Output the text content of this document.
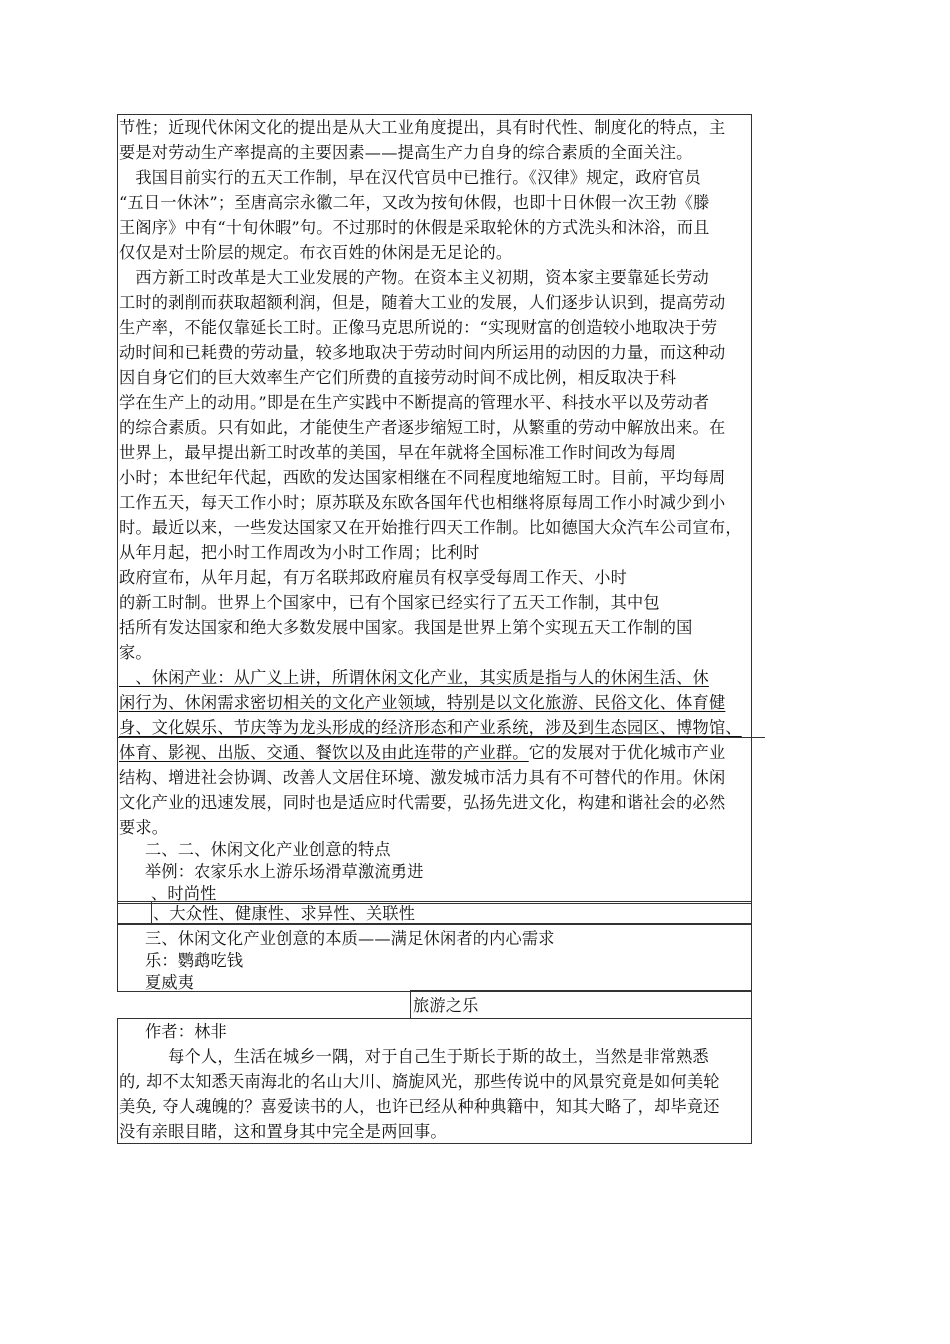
节性；近现代休闲文化的提出是从大工业角度提出，具有时代性、制度化的特点，主
要是对劳动生产率提高的主要因素——提高生产力自身的综合素质的全面关注。
　我国目前实行的五天工作制，早在汉代官员中已推行。《汉律》规定，政府官员
“五日一休沐”；至唐高宗永徽二年，又改为按旬休假，也即十日休假一次王勃《滕
王阁序》中有“十旬休暇”句。不过那时的休假是采取轮休的方式洗头和沐浴，而且
仅仅是对士阶层的规定。布衣百姓的休闲是无足论的。
　西方新工时改革是大工业发展的产物。在资本主义初期，资本家主要靠延长劳动
工时的剥削而获取超额利润，但是，随着大工业的发展，人们逐步认识到，提高劳动
生产率，不能仅靠延长工时。正像马克思所说的：“实现财富的创造较小地取决于劳
动时间和已耗费的劳动量，较多地取决于劳动时间内所运用的动因的力量，而这种动
因自身它们的巨大效率生产它们所费的直接劳动时间不成比例，相反取决于科
学在生产上的动用。”即是在生产实践中不断提高的管理水平、科技水平以及劳动者
的综合素质。只有如此，才能使生产者逐步缩短工时，从繁重的劳动中解放出来。在
世界上，最早提出新工时改革的美国，早在年就将全国标准工作时间改为每周
小时；本世纪年代起，西欧的发达国家相继在不同程度地缩短工时。目前，平均每周
工作五天，每天工作小时；原苏联及东欧各国年代也相继将原每周工作小时减少到小
时。最近以来，一些发达国家又在开始推行四天工作制。比如德国大众汽车公司宣布，
从年月起，把小时工作周改为小时工作周；比利时
政府宣布，从年月起，有万名联邦政府雇员有权享受每周工作天、小时
的新工时制。世界上个国家中，已有个国家已经实行了五天工作制，其中包
括所有发达国家和绝大多数发展中国家。我国是世界上第个实现五天工作制的国
家。
　、休闲产业：从广义上讲，所谓休闲文化产业，其实质是指与人的休闲生活、休
闲行为、休闲需求密切相关的文化产业领域，特别是以文化旅游、民俗文化、体育健
身、文化娱乐、节庆等为龙头形成的经济形态和产业系统，涉及到生态园区、博物馆、
体育、影视、出版、交通、餐饮以及由此连带的产业群。它的发展对于优化城市产业
结构、增进社会协调、改善人文居住环境、激发城市活力具有不可替代的作用。休闲
文化产业的迅速发展，同时也是适应时代需要，弘扬先进文化，构建和谐社会的必然
要求。
二、二、休闲文化产业创意的特点
举例：农家乐水上游乐场滑草激流勇进
、时尚性
、大众性、健康性、求异性、关联性
三、休闲文化产业创意的本质——满足休闲者的内心需求
乐：鹦鹉吃钱
夏威夷
旅游之乐
作者：林非
　　　每个人，生活在城乡一隅，对于自己生于斯长于斯的故土，当然是非常熟悉
的, 却不太知悉天南海北的名山大川、旖旎风光，那些传说中的风景究竟是如何美轮
美奂, 夺人魂魄的？喜爱读书的人，也许已经从种种典籍中，知其大略了，却毕竟还
没有亲眼目睹，这和置身其中完全是两回事。
